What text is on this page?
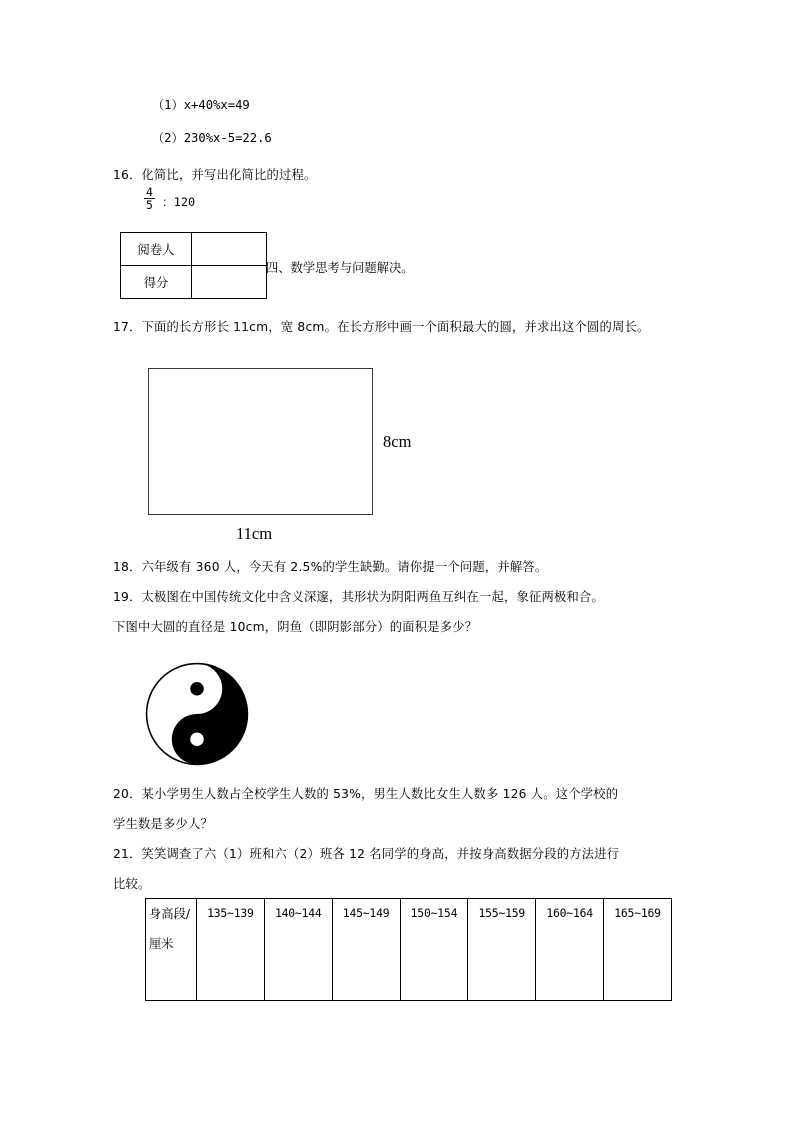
（1）x+40%x=49
（2）230%x-5=22.6
16．化简比，并写出化简比的过程。
$\frac{4}{5}$ ：120
阅卷人	
得分	
四、数学思考与问题解决。
17．下面的长方形长 11cm，宽 8cm。在长方形中画一个面积最大的圆，并求出这个圆的周长。
8cm
11cm
18．六年级有 360 人，今天有 2.5%的学生缺勤。请你提一个问题，并解答。
19．太极图在中国传统文化中含义深邃，其形状为阴阳两鱼互纠在一起，象征两极和合。
下图中大圆的直径是 10cm，阴鱼（即阴影部分）的面积是多少？
20．某小学男生人数占全校学生人数的 53%，男生人数比女生人数多 126 人。这个学校的
学生数是多少人？
21．笑笑调查了六（1）班和六（2）班各 12 名同学的身高，并按身高数据分段的方法进行
比较。
身高段/厘米	135~139	140~144	145~149	150~154	155~159	160~164	165~169
